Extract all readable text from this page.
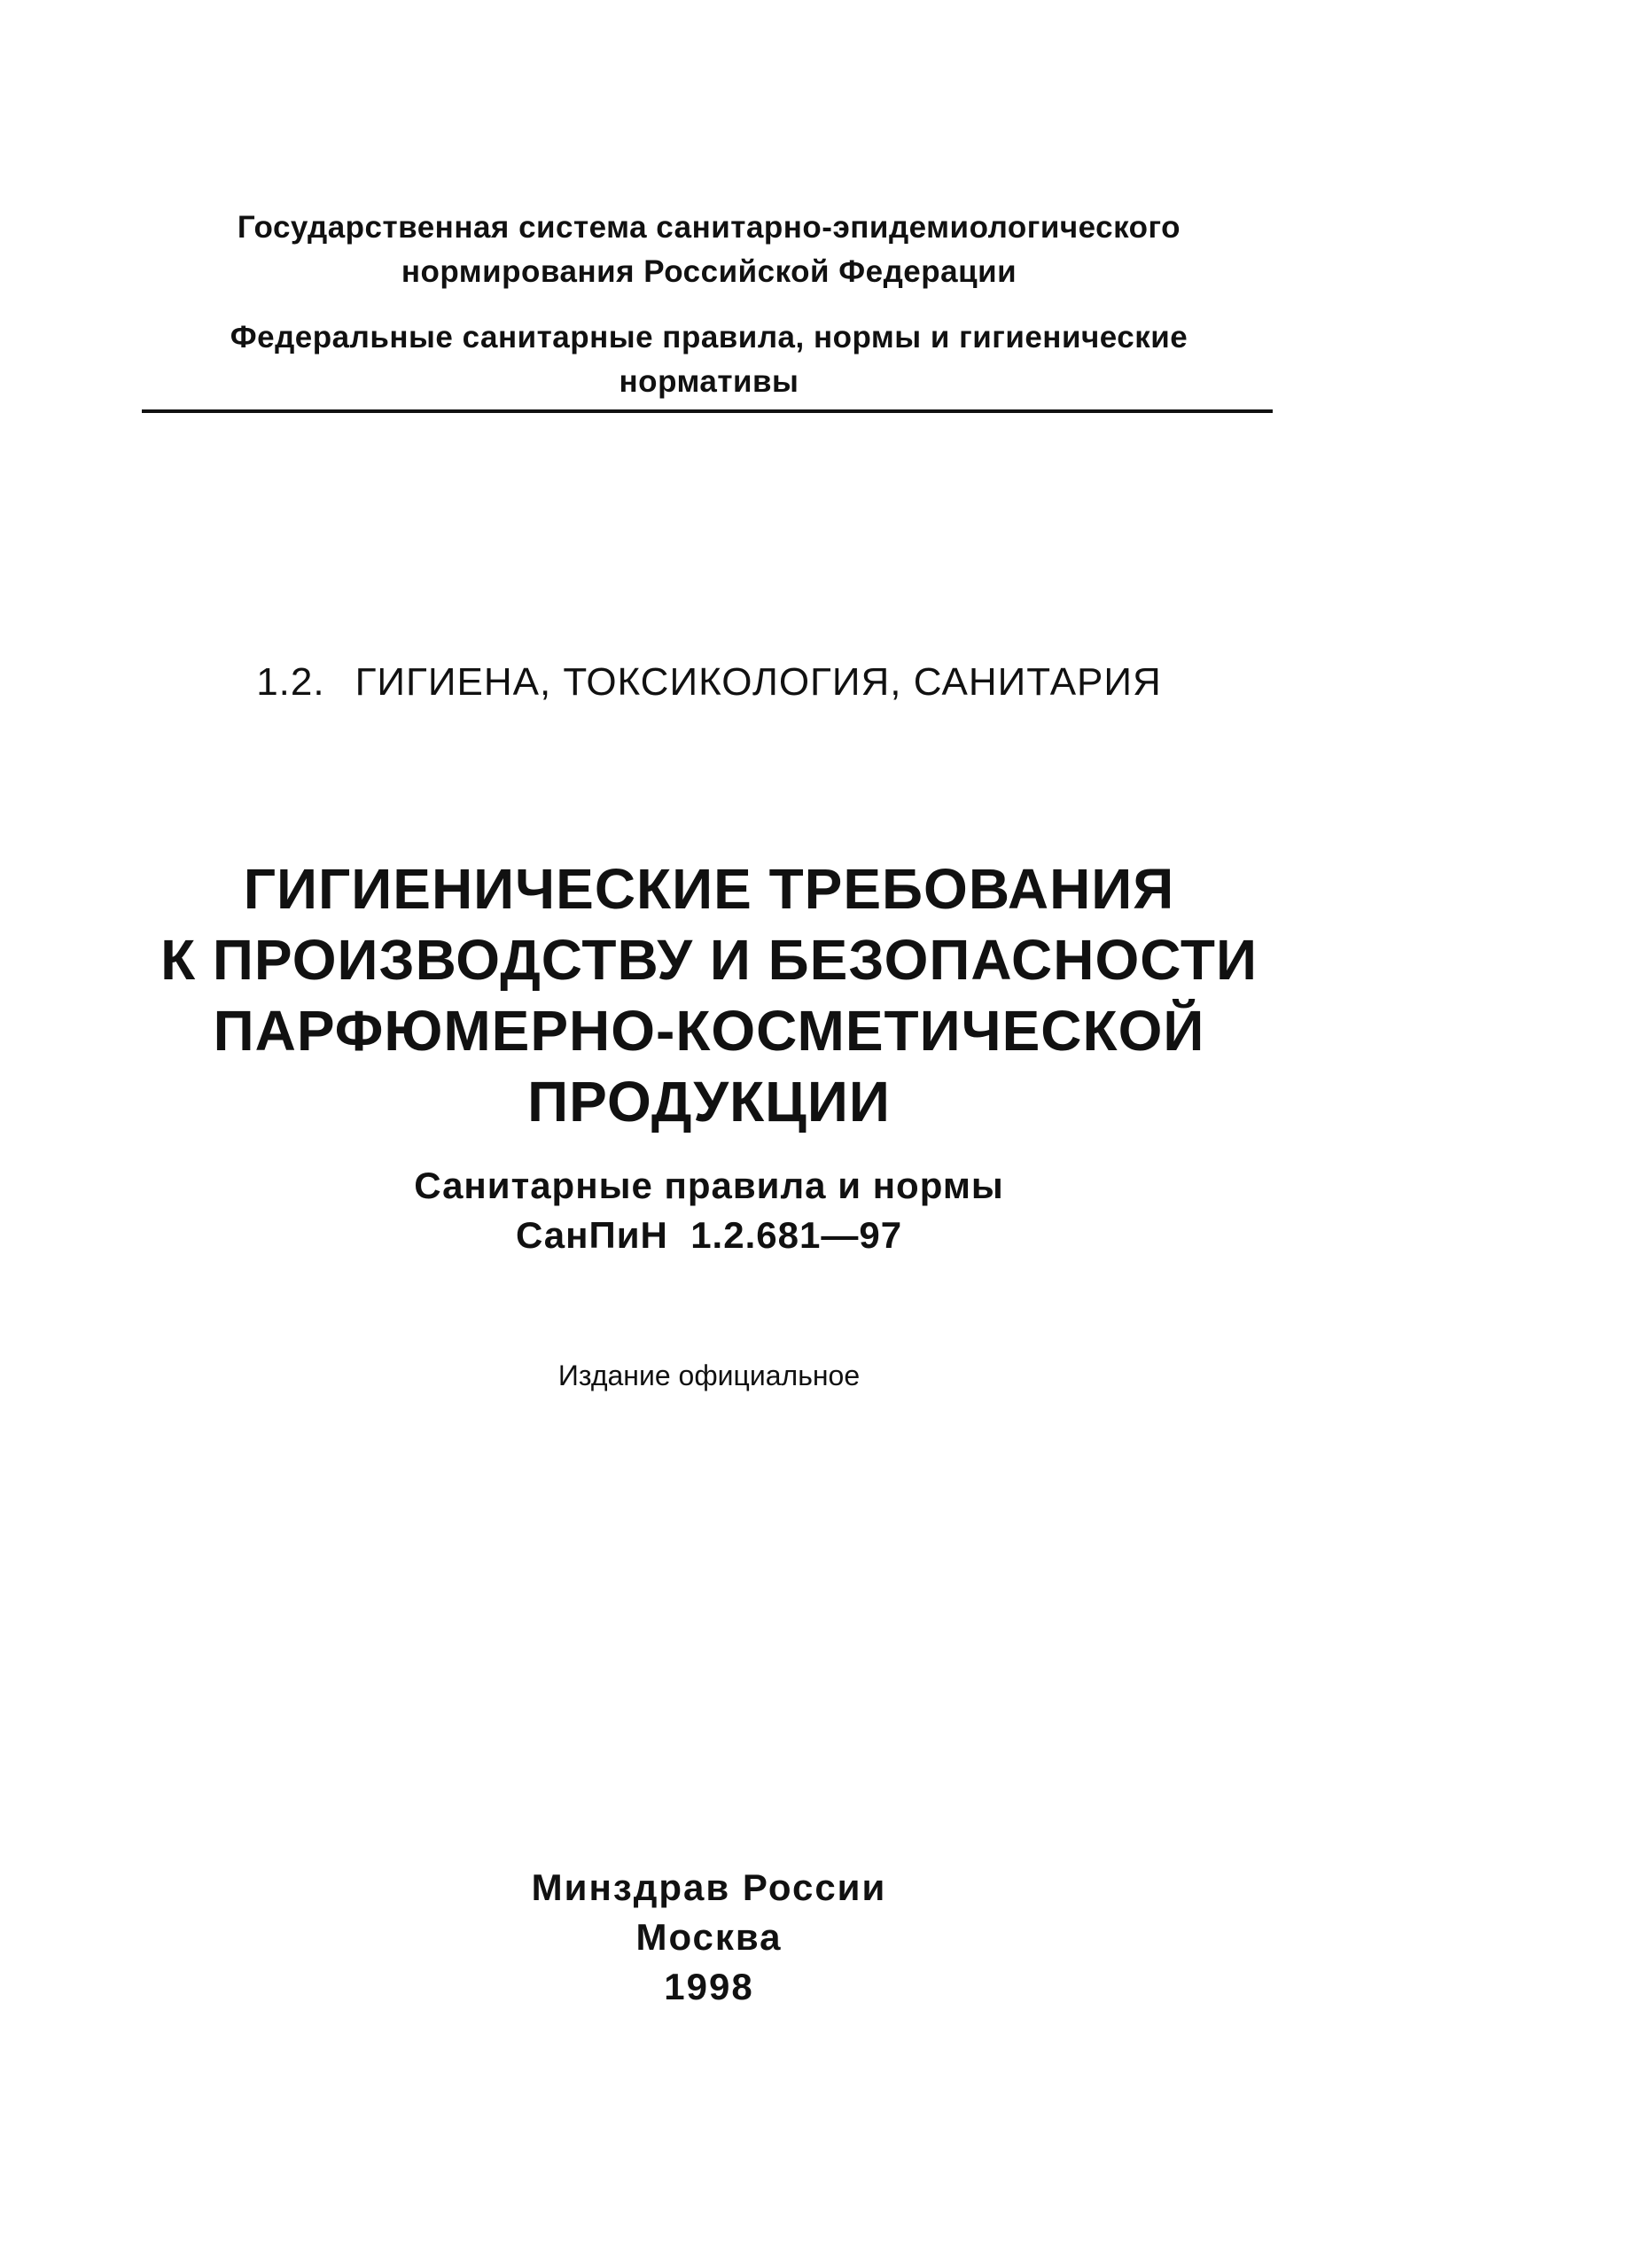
Государственная система санитарно-эпидемиологического
нормирования Российской Федерации
Федеральные санитарные правила, нормы и гигиенические
нормативы
1.2. ГИГИЕНА, ТОКСИКОЛОГИЯ, САНИТАРИЯ
ГИГИЕНИЧЕСКИЕ ТРЕБОВАНИЯ
К ПРОИЗВОДСТВУ И БЕЗОПАСНОСТИ
ПАРФЮМЕРНО-КОСМЕТИЧЕСКОЙ
ПРОДУКЦИИ
Санитарные правила и нормы
СанПиН  1.2.681—97
Издание официальное
Минздрав России
Москва
1998
